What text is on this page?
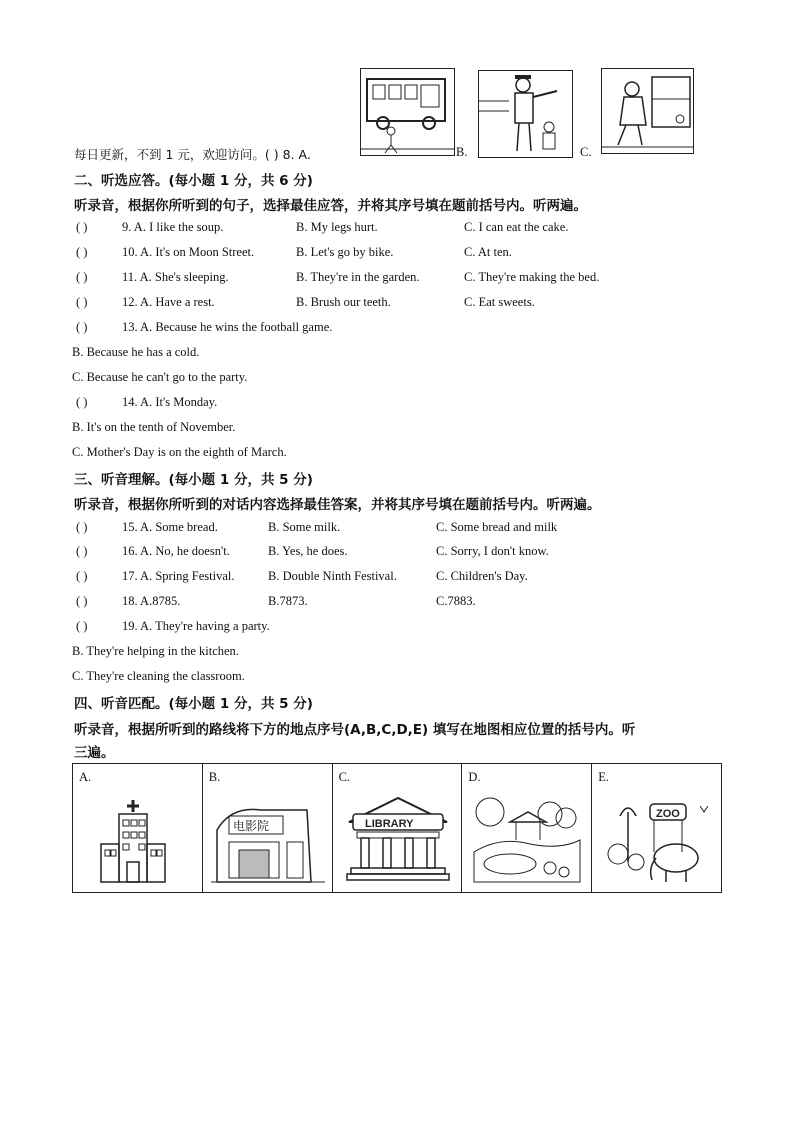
每日更新，不到 1 元，欢迎访问。( ) 8. A.	B.	C.
二、听选应答。(每小题 1 分，共 6 分)
听录音，根据你所听到的句子，选择最佳应答，并将其序号填在题前括号内。听两遍。
( )	9. A. I like the soup.	B. My legs hurt.	C. I can eat the cake.
( )	10. A. It's on Moon Street.	B. Let's go by bike.	C. At ten.
( )	11. A. She's sleeping.	B. They're in the garden.	C. They're making the bed.
( )	12. A. Have a rest.	B. Brush our teeth.	C. Eat sweets.
( )	13. A. Because he wins the football game.
B. Because he has a cold.
C. Because he can't go to the party.
( )	14. A. It's Monday.
B. It's on the tenth of November.
C. Mother's Day is on the eighth of March.
三、听音理解。(每小题 1 分，共 5 分)
听录音，根据你所听到的对话内容选择最佳答案，并将其序号填在题前括号内。听两遍。
( )	15. A. Some bread.	B. Some milk.	C. Some bread and milk
( )	16. A. No, he doesn't.	B. Yes, he does.	C. Sorry, I don't know.
( )	17. A. Spring Festival.	B. Double Ninth Festival.	C. Children's Day.
( )	18. A.8785.	B.7873.	C.7883.
( )	19. A. They're having a party.
B. They're helping in the kitchen.
C. They're cleaning the classroom.
四、听音匹配。(每小题 1 分，共 5 分)
听录音，根据所听到的路线将下方的地点序号(A,B,C,D,E) 填写在地图相应位置的括号内。听
三遍。
A.	B.
电影院

C.
LIBRARY

D.	E.
ZOO
